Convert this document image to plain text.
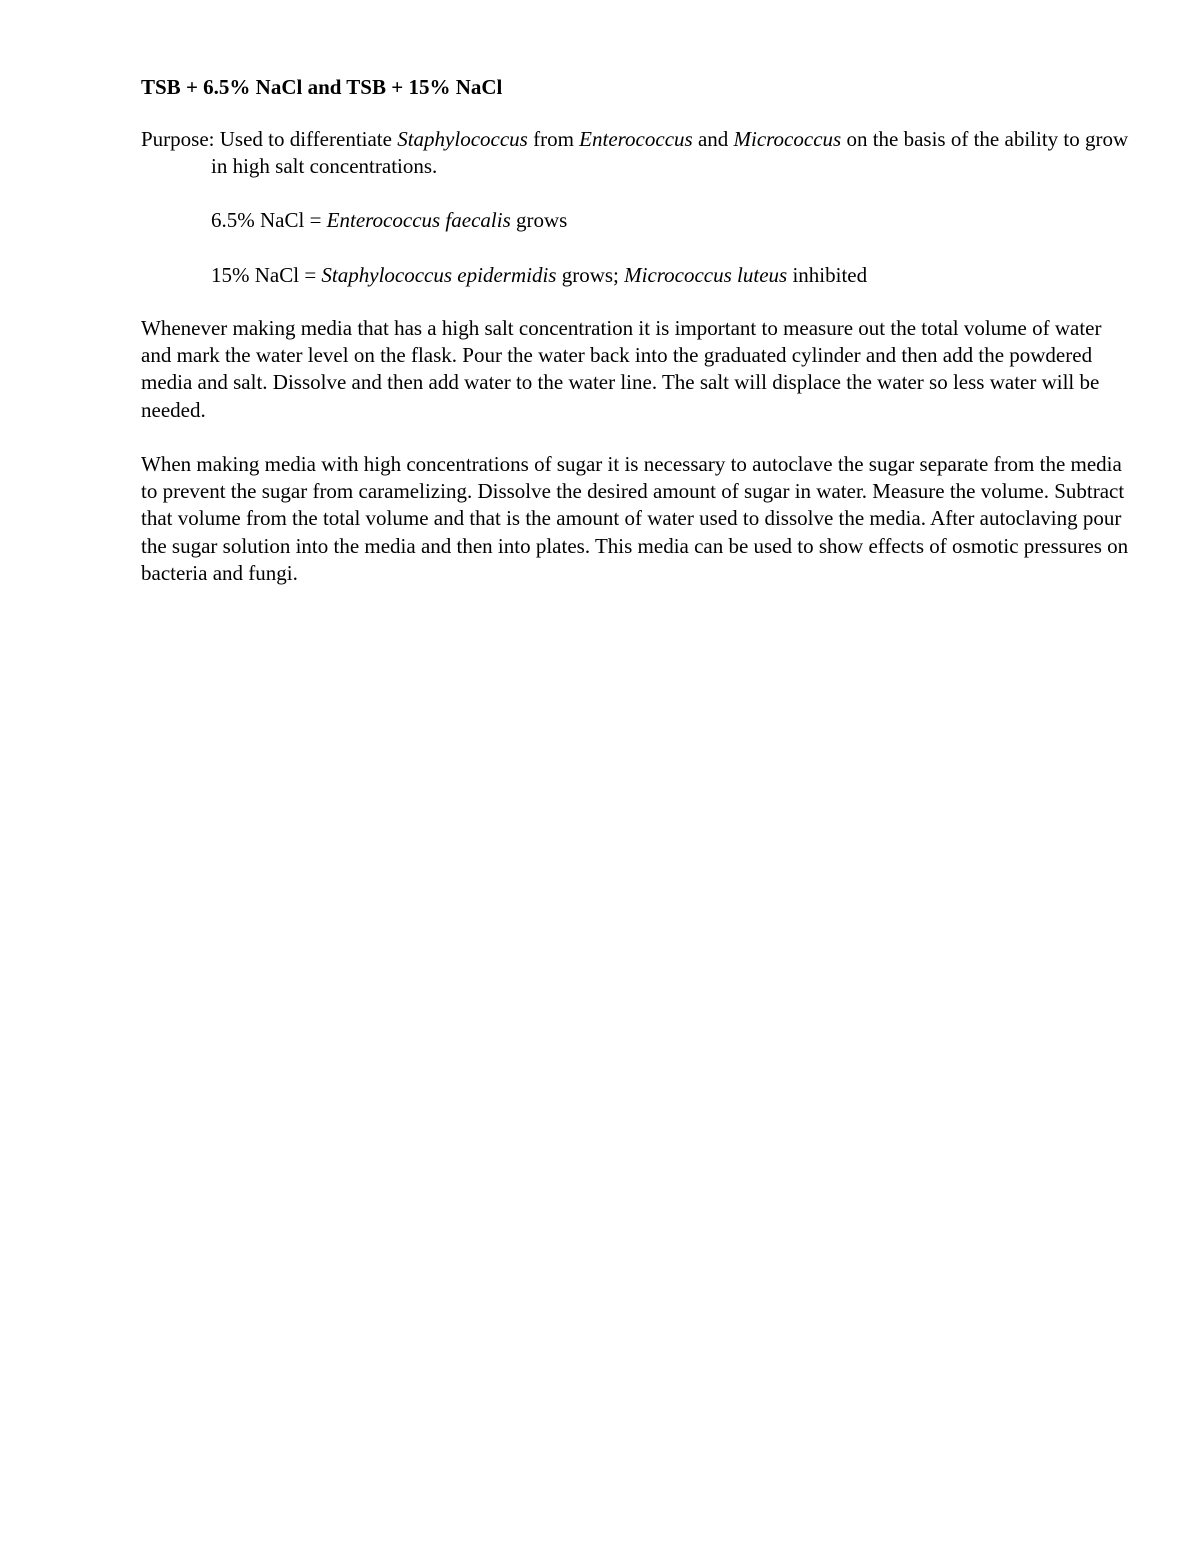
TSB + 6.5% NaCl and TSB + 15% NaCl
Purpose: Used to differentiate Staphylococcus from Enterococcus and Micrococcus on the basis of the ability to grow in high salt concentrations.
6.5% NaCl = Enterococcus faecalis grows
15% NaCl = Staphylococcus epidermidis grows; Micrococcus luteus inhibited
Whenever making media that has a high salt concentration it is important to measure out the total volume of water and mark the water level on the flask. Pour the water back into the graduated cylinder and then add the powdered media and salt. Dissolve and then add water to the water line. The salt will displace the water so less water will be needed.
When making media with high concentrations of sugar it is necessary to autoclave the sugar separate from the media to prevent the sugar from caramelizing. Dissolve the desired amount of sugar in water. Measure the volume. Subtract that volume from the total volume and that is the amount of water used to dissolve the media. After autoclaving pour the sugar solution into the media and then into plates. This media can be used to show effects of osmotic pressures on bacteria and fungi.
